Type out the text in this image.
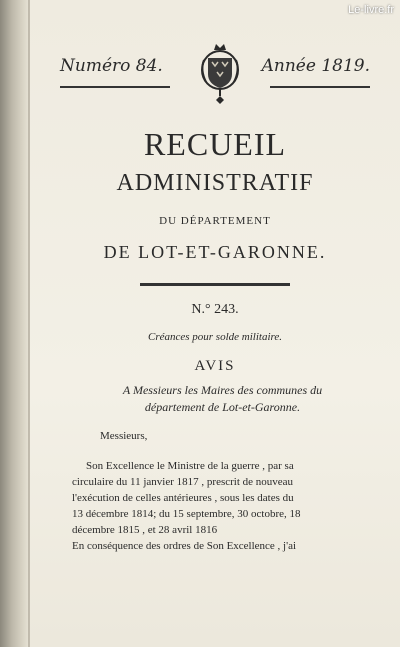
Le-livre.fr
Numéro 84.	Année 1819.
RECUEIL
ADMINISTRATIF
DU DÉPARTEMENT
DE LOT-ET-GARONNE.
N.° 243.
Créances pour solde militaire.
AVIS
A Messieurs les Maires des communes du
département de Lot-et-Garonne.
Messieurs,
Son Excellence le Ministre de la guerre , par sa
circulaire du 11 janvier 1817 , prescrit de nouveau
l'exécution de celles antérieures , sous les dates du
13 décembre 1814; du 15 septembre, 30 octobre, 18
décembre 1815 , et 28 avril 1816
En conséquence des ordres de Son Excellence , j'ai
